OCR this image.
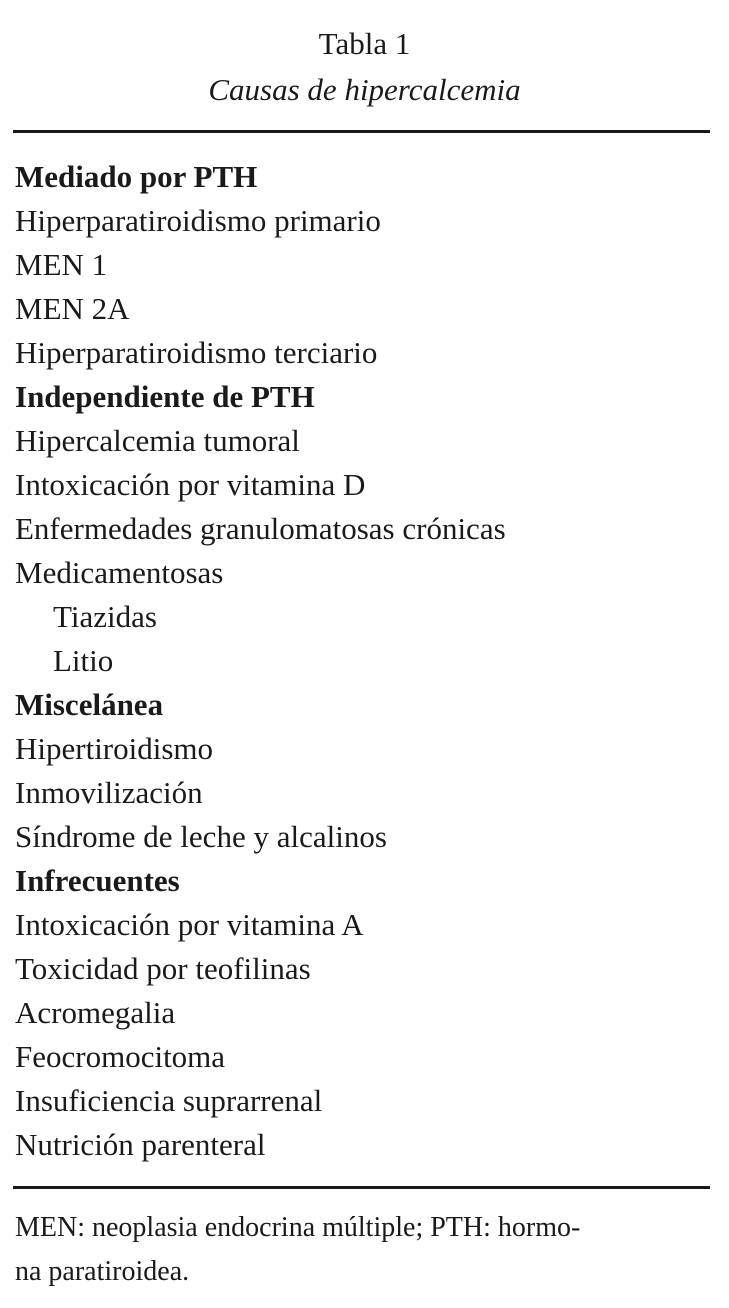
Tabla 1
Causas de hipercalcemia
Mediado por PTH
Hiperparatiroidismo primario
MEN 1
MEN 2A
Hiperparatiroidismo terciario
Independiente de PTH
Hipercalcemia tumoral
Intoxicación por vitamina D
Enfermedades granulomatosas crónicas
Medicamentosas
Tiazidas
Litio
Miscelánea
Hipertiroidismo
Inmovilización
Síndrome de leche y alcalinos
Infrecuentes
Intoxicación por vitamina A
Toxicidad por teofilinas
Acromegalia
Feocromocitoma
Insuficiencia suprarrenal
Nutrición parenteral

MEN: neoplasia endocrina múltiple; PTH: hormo-
na paratiroidea.
